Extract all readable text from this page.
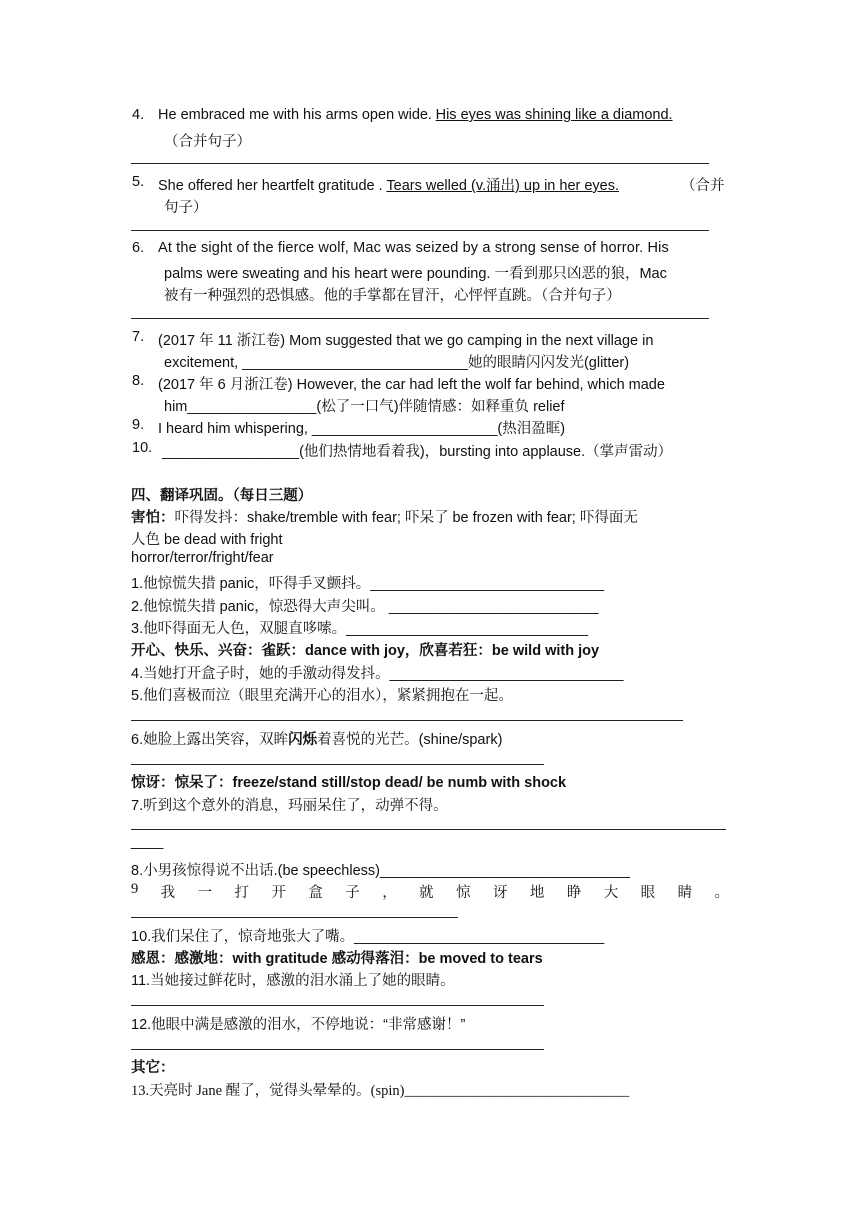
4. He embraced me with his arms open wide. His eyes was shining like a diamond.
（合并句子）
5. She offered her heartfelt gratitude . Tears welled (v.涌出) up in her eyes.	（合并
句子）
6. At the sight of the fierce wolf, Mac was seized by a strong sense of horror. His
palms were sweating and his heart were pounding. 一看到那只凶恶的狼，Mac
被有一种强烈的恐惧感。他的手掌都在冒汗，心怦怦直跳。（合并句子）
7. (2017 年 11 浙江卷) Mom suggested that we go camping in the next village in
excitement, ____________________________她的眼睛闪闪发光(glitter)
8. (2017 年 6 月浙江卷) However, the car had left the wolf far behind, which made
him________________(松了一口气)伴随情感：如释重负 relief
9. I heard him whispering, _______________________(热泪盈眶)
10. _________________(他们热情地看着我)，bursting into applause.（掌声雷动）
四、翻译巩固。（每日三题）
害怕：吓得发抖：shake/tremble with fear; 吓呆了 be frozen with fear; 吓得面无
人色 be dead with fright
horror/terror/fright/fear
1.他惊慌失措 panic，吓得手叉颤抖。_____________________________
2.他惊慌失措 panic，惊恐得大声尖叫。 __________________________
3.他吓得面无人色，双腿直哆嗦。______________________________
开心、快乐、兴奋：雀跃：dance with joy，欣喜若狂：be wild with joy
4.当她打开盒子时，她的手激动得发抖。_____________________________
5.他们喜极而泣（眼里充满开心的泪水），紧紧拥抱在一起。
6.她脸上露出笑容，双眸闪烁着喜悦的光芒。(shine/spark)
惊讶：惊呆了：freeze/stand still/stop dead/ be numb with shock
7.听到这个意外的消息，玛丽呆住了，动弹不得。
____
8.小男孩惊得说不出话.(be speechless)_______________________________
9 我 一 打 开 盒 子 ， 就 惊 讶 地 睁 大 眼 睛 。
10.我们呆住了，惊奇地张大了嘴。_______________________________
感恩：感激地：with gratitude 感动得落泪：be moved to tears
11.当她接过鲜花时，感激的泪水涌上了她的眼睛。
12.他眼中满是感激的泪水，不停地说：“非常感谢！”
其它：
13.天亮时 Jane 醒了，觉得头晕晕的。(spin)_______________________________
